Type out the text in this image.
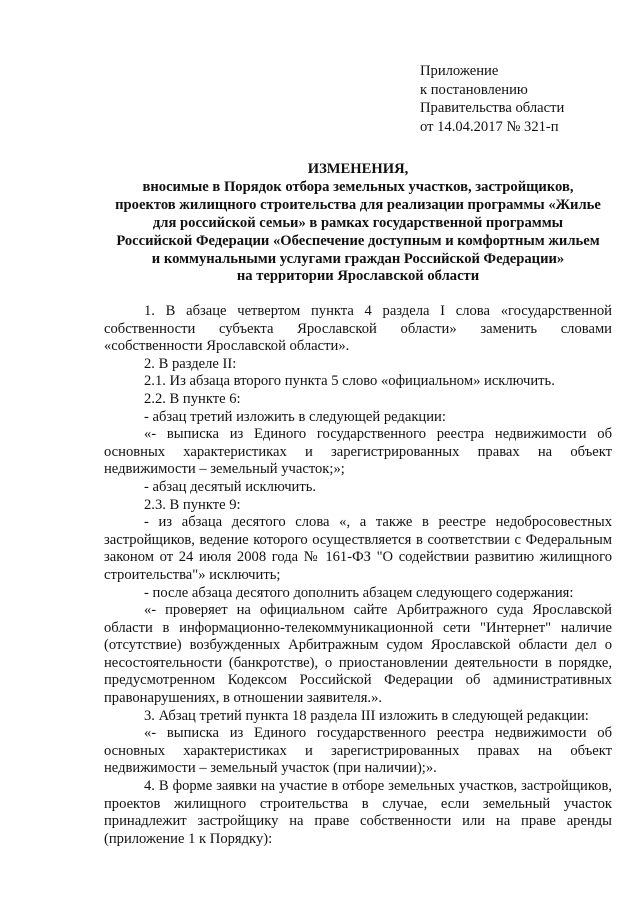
Приложение
к постановлению
Правительства области
от 14.04.2017 № 321-п
ИЗМЕНЕНИЯ,
вносимые в Порядок отбора земельных участков, застройщиков,
проектов жилищного строительства для реализации программы «Жилье
для российской семьи» в рамках государственной программы
Российской Федерации «Обеспечение доступным и комфортным жильем
и коммунальными услугами граждан Российской Федерации»
на территории Ярославской области

1. В абзаце четвертом пункта 4 раздела I слова «государственной собственности субъекта Ярославской области» заменить словами «собственности Ярославской области».

2. В разделе II:

2.1. Из абзаца второго пункта 5 слово «официальном» исключить.

2.2. В пункте 6:

- абзац третий изложить в следующей редакции:

«- выписка из Единого государственного реестра недвижимости об основных характеристиках и зарегистрированных правах на объект недвижимости – земельный участок;»;

- абзац десятый исключить.

2.3. В пункте 9:

- из абзаца десятого слова «, а также в реестре недобросовестных застройщиков, ведение которого осуществляется в соответствии с Федеральным законом от 24 июля 2008 года № 161-ФЗ "О содействии развитию жилищного строительства"» исключить;

- после абзаца десятого дополнить абзацем следующего содержания:

«- проверяет на официальном сайте Арбитражного суда Ярославской области в информационно-телекоммуникационной сети "Интернет" наличие (отсутствие) возбужденных Арбитражным судом Ярославской области дел о несостоятельности (банкротстве), о приостановлении деятельности в порядке, предусмотренном Кодексом Российской Федерации об административных правонарушениях, в отношении заявителя.».

3. Абзац третий пункта 18 раздела III изложить в следующей редакции:

«- выписка из Единого государственного реестра недвижимости об основных характеристиках и зарегистрированных правах на объект недвижимости – земельный участок (при наличии);».

4. В форме заявки на участие в отборе земельных участков, застройщиков, проектов жилищного строительства в случае, если земельный участок принадлежит застройщику на праве собственности или на праве аренды (приложение 1 к Порядку):
